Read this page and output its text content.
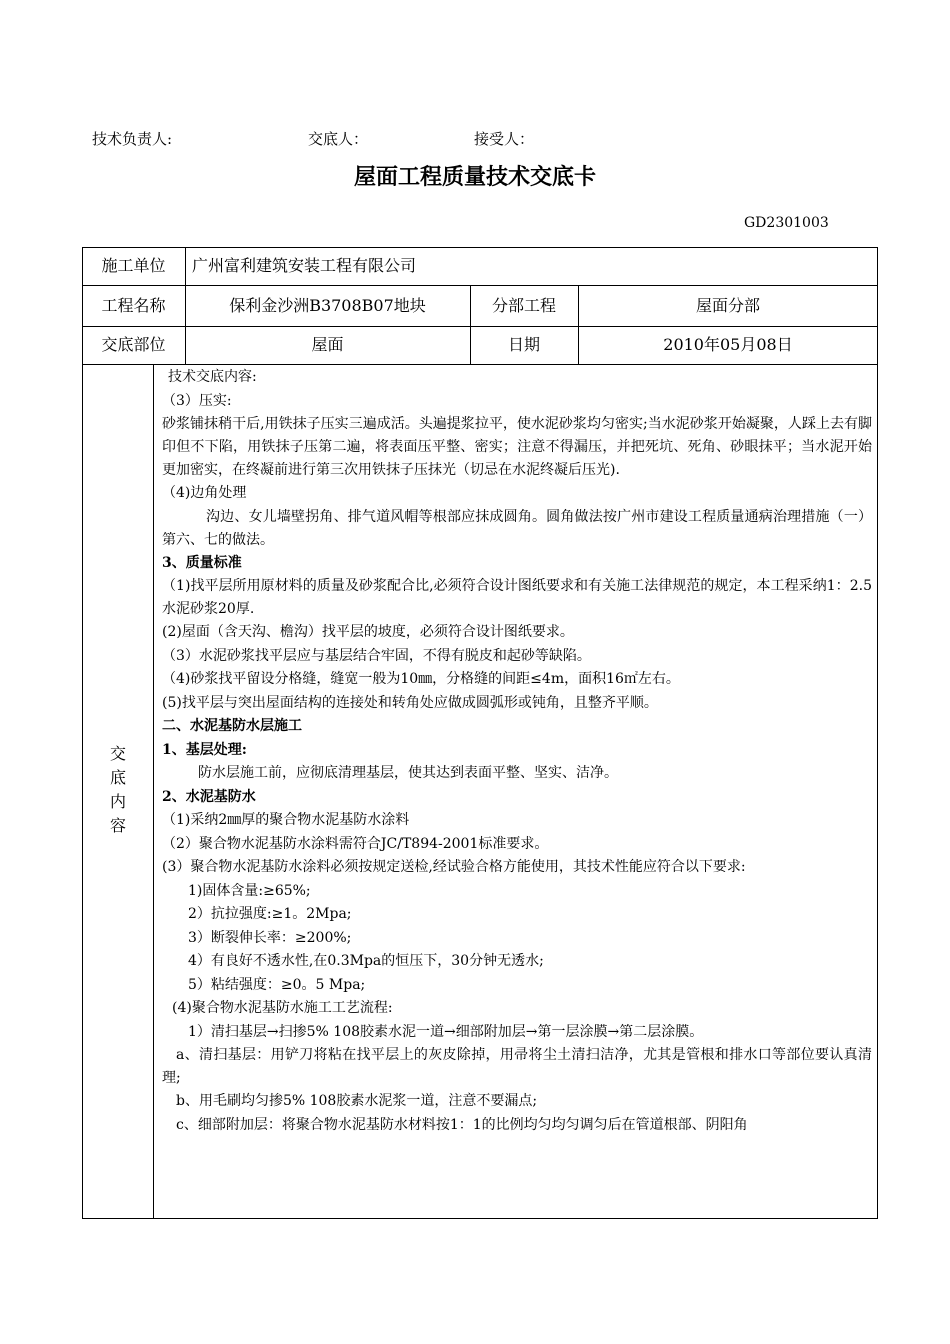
技术负责人:	交底人：	接受人：
屋面工程质量技术交底卡
GD2301003
施工单位	广州富利建筑安装工程有限公司
工程名称	保利金沙洲B3708B07地块	分部工程	屋面分部
交底部位	屋面	日期	2010年05月08日
交
底
内
容
技术交底内容:
（3）压实:
砂浆铺抹稍干后,用铁抹子压实三遍成活。头遍提浆拉平，使水泥砂浆均匀密实;当水泥砂浆开始凝聚，人踩上去有脚印但不下陷，用铁抹子压第二遍，将表面压平整、密实；注意不得漏压，并把死坑、死角、砂眼抹平；当水泥开始更加密实，在终凝前进行第三次用铁抹子压抹光（切忌在水泥终凝后压光).
（4)边角处理
沟边、女儿墙壁拐角、排气道风帽等根部应抹成圆角。圆角做法按广州市建设工程质量通病治理措施（一）第六、七的做法。
3、质量标准
（1)找平层所用原材料的质量及砂浆配合比,必须符合设计图纸要求和有关施工法律规范的规定，本工程采纳1：2.5水泥砂浆20厚.
(2)屋面（含天沟、檐沟）找平层的坡度，必须符合设计图纸要求。
（3）水泥砂浆找平层应与基层结合牢固，不得有脱皮和起砂等缺陷。
（4)砂浆找平留设分格缝，缝宽一般为10㎜，分格缝的间距≤4m，面积16㎡左右。
(5)找平层与突出屋面结构的连接处和转角处应做成圆弧形或钝角，且整齐平顺。
二、水泥基防水层施工
1、基层处理:
防水层施工前，应彻底清理基层，使其达到表面平整、坚实、洁净。
2、水泥基防水
（1)采纳2㎜厚的聚合物水泥基防水涂料
（2）聚合物水泥基防水涂料需符合JC/T894-2001标准要求。
(3）聚合物水泥基防水涂料必须按规定送检,经试验合格方能使用，其技术性能应符合以下要求:
1)固体含量:≥65%;
2）抗拉强度:≥1。2Mpa;
3）断裂伸长率：≥200%;
4）有良好不透水性,在0.3Mpa的恒压下，30分钟无透水;
5）粘结强度：≥0。5 Mpa;
(4)聚合物水泥基防水施工工艺流程:
1）清扫基层→扫掺5% 108胶素水泥一道→细部附加层→第一层涂膜→第二层涂膜。
a、清扫基层：用铲刀将粘在找平层上的灰皮除掉，用帚将尘土清扫洁净，尤其是管根和排水口等部位要认真清理;
b、用毛刷均匀掺5% 108胶素水泥浆一道，注意不要漏点;
c、细部附加层：将聚合物水泥基防水材料按1：1的比例均匀均匀调匀后在管道根部、阴阳角
